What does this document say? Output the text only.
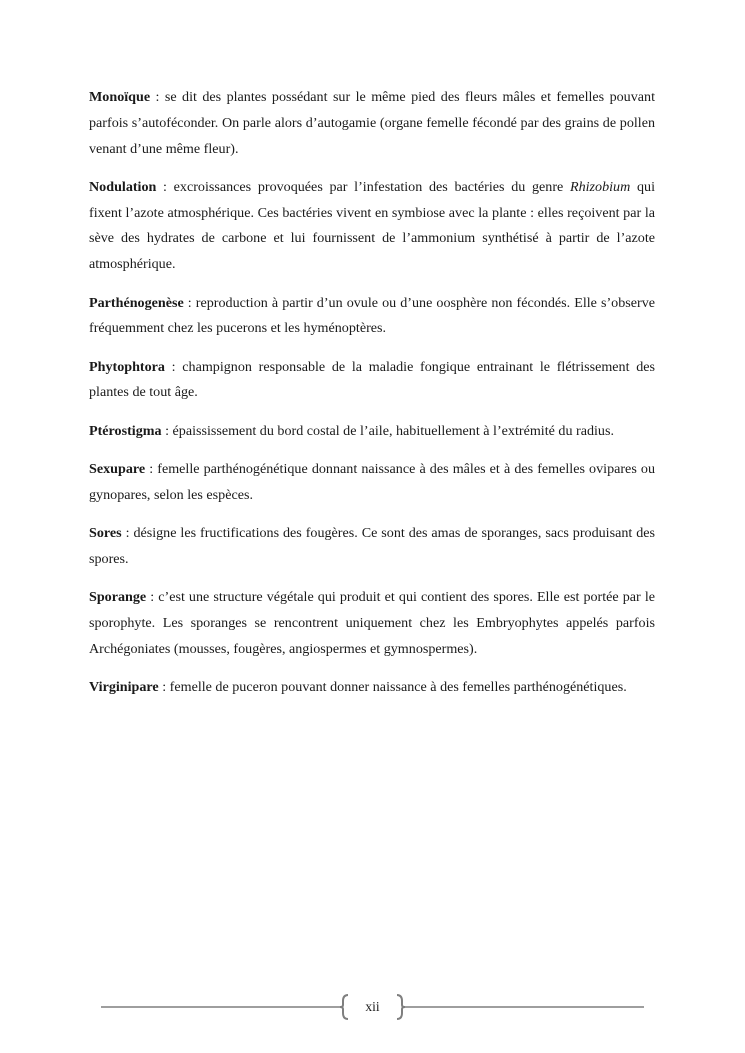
Monoïque : se dit des plantes possédant sur le même pied des fleurs mâles et femelles pouvant parfois s’autoféconder. On parle alors d’autogamie (organe femelle fécondé par des grains de pollen venant d’une même fleur).

Nodulation : excroissances provoquées par l’infestation des bactéries du genre Rhizobium qui fixent l’azote atmosphérique. Ces bactéries vivent en symbiose avec la plante : elles reçoivent par la sève des hydrates de carbone et lui fournissent de l’ammonium synthétisé à partir de l’azote atmosphérique.

Parthénogenèse : reproduction à partir d’un ovule ou d’une oosphère non fécondés. Elle s’observe fréquemment chez les pucerons et les hyménoptères.

Phytophtora : champignon responsable de la maladie fongique entrainant le flétrissement des plantes de tout âge.

Ptérostigma : épaississement du bord costal de l’aile, habituellement à l’extrémité du radius.

Sexupare : femelle parthénogénétique donnant naissance à des mâles et à des femelles ovipares ou gynopares, selon les espèces.

Sores : désigne les fructifications des fougères. Ce sont des amas de sporanges, sacs produisant des spores.

Sporange : c’est une structure végétale qui produit et qui contient des spores. Elle est portée par le sporophyte. Les sporanges se rencontrent uniquement chez les Embryophytes appelés parfois Archégoniates (mousses, fougères, angiospermes et gymnospermes).

Virginipare : femelle de puceron pouvant donner naissance à des femelles parthénogénétiques.

xii
